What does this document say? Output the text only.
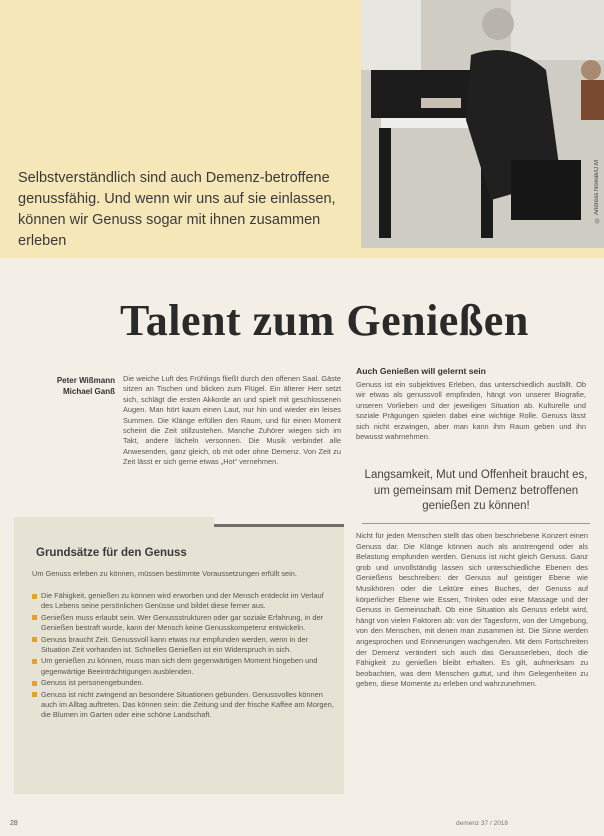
© Andreas Nowak/D.M
Selbstverständlich sind auch Demenz-betroffene genussfähig. Und wenn wir uns auf sie einlassen, können wir Genuss sogar mit ihnen zusammen erleben
Talent zum Genießen
Peter Wißmann
Michael Ganß

Die weiche Luft des Frühlings fließt durch den offenen Saal. Gäste sitzen an Tischen und blicken zum Flügel. Ein älterer Herr setzt sich, schlägt die ersten Akkorde an und spielt mit geschlossenen Augen. Man hört kaum einen Laut, nur hin und wieder ein leises Summen. Die Klänge erfüllen den Raum, und für einen Moment scheint die Zeit stillzustehen. Manche Zuhörer wiegen sich im Takt, andere lächeln versonnen. Die Musik verbindet alle Anwesenden, ganz gleich, ob mit oder ohne Demenz. Von Zeit zu Zeit lässt er sich gerne etwas „Hot“ vernehmen.

Auch Genießen will gelernt sein

Genuss ist ein subjektives Erleben, das unterschiedlich ausfällt. Ob wir etwas als genussvoll empfinden, hängt von unserer Biografie, unseren Vorlieben und der jeweiligen Situation ab. Kulturelle und soziale Prägungen spielen dabei eine wichtige Rolle. Genuss lässt sich nicht erzwingen, aber man kann ihm Raum geben und ihn bewusst wahrnehmen.

Langsamkeit, Mut und Offenheit braucht es, um gemeinsam mit Demenz betroffenen genießen zu können!

Nicht für jeden Menschen stellt das oben beschriebene Konzert einen Genuss dar. Die Klänge können auch als anstrengend oder als Belastung empfunden werden. Genuss ist nicht gleich Genuss. Ganz grob und unvollständig lassen sich unterschiedliche Ebenen des Genießens beschreiben: der Genuss auf geistiger Ebene wie Musikhören oder die Lektüre eines Buches, der Genuss auf körperlicher Ebene wie Essen, Trinken oder eine Massage und der Genuss in Gemeinschaft. Ob eine Situation als Genuss erlebt wird, hängt von vielen Faktoren ab: von der Tagesform, von der Umgebung, von den Menschen, mit denen man zusammen ist. Die Sinne werden angesprochen und Erinnerungen wachgerufen. Mit dem Fortschreiten der Demenz verändert sich auch das Genusserleben, doch die Fähigkeit zu genießen bleibt erhalten. Es gilt, aufmerksam zu beobachten, was dem Menschen guttut, und ihm Gelegenheiten zu geben, diese Momente zu erleben und wahrzunehmen.

Grundsätze für den Genuss

Um Genuss erleben zu können, müssen bestimmte Voraussetzungen erfüllt sein.

Die Fähigkeit, genießen zu können wird erworben und der Mensch entdeckt im Verlauf des Lebens seine persönlichen Genüsse und bildet diese ferner aus.
Genießen muss erlaubt sein. Wer Genussstrukturen oder gar soziale Erfahrung, in der Genießen bestraft wurde, kann der Mensch keine Genusskompetenz entwickeln.
Genuss braucht Zeit. Genussvoll kann etwas nur empfunden werden, wenn in der Situation Zeit vorhanden ist. Schnelles Genießen ist ein Widerspruch in sich.
Um genießen zu können, muss man sich dem gegenwärtigen Moment hingeben und gegenwärtige Beeinträchtigungen ausblenden.
Genuss ist personengebunden.
Genuss ist nicht zwingend an besondere Situationen gebunden. Genussvolles können auch im Alltag auftreten. Das können sein: die Zeitung und der frische Kaffee am Morgen, die Blumen im Garten oder eine schöne Landschaft.
28	demenz 37 / 2018
